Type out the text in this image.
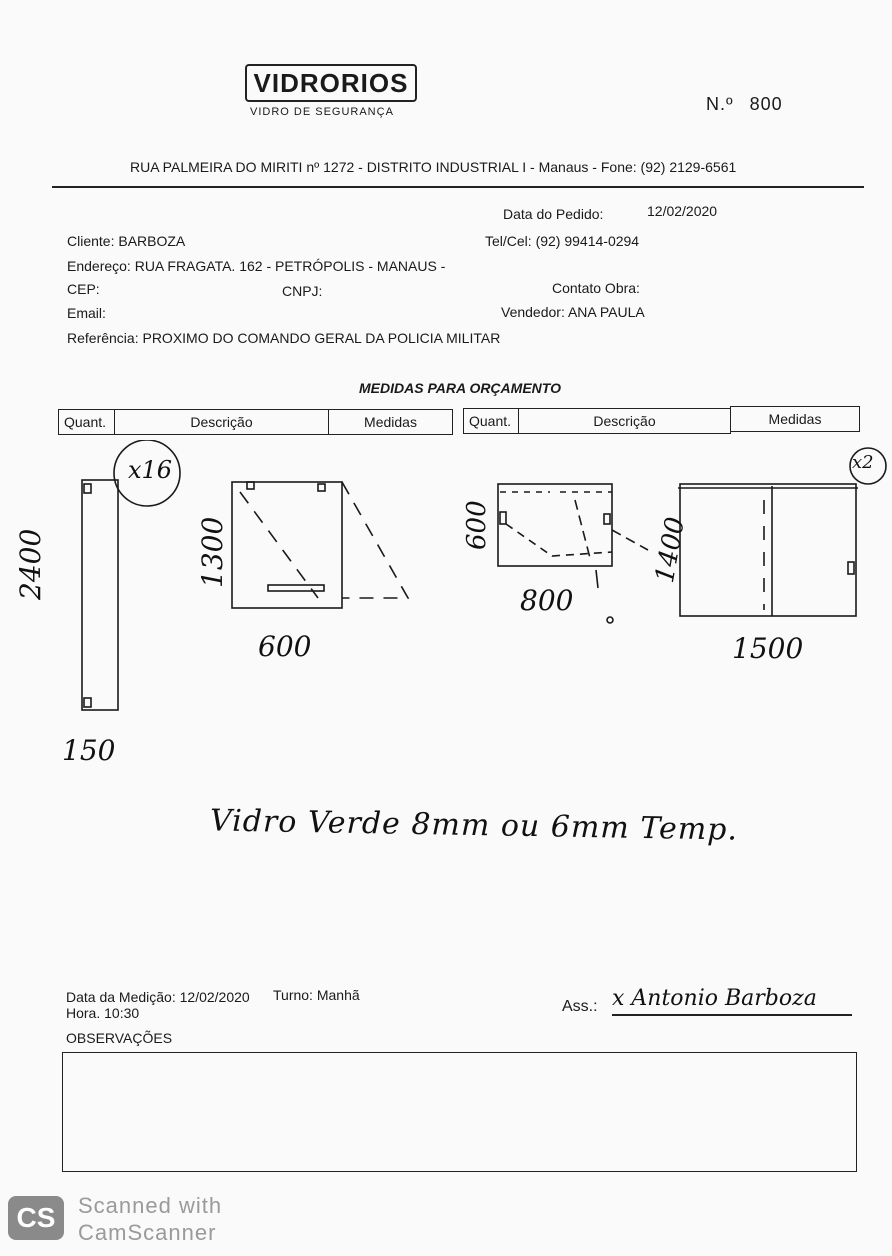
VIDRORIOS
VIDRO DE SEGURANÇA	N.º 800
RUA PALMEIRA DO MIRITI nº 1272 - DISTRITO INDUSTRIAL I - Manaus - Fone: (92) 2129-6561
Data do Pedido:	12/02/2020
Cliente: BARBOZA	Tel/Cel: (92) 99414-0294
Endereço: RUA FRAGATA. 162 - PETRÓPOLIS - MANAUS -
CEP:	CNPJ:	Contato Obra:
Email:	Vendedor: ANA PAULA
Referência: PROXIMO DO COMANDO GERAL DA POLICIA MILITAR
MEDIDAS PARA ORÇAMENTO
Quant.	Descrição	Medidas	Quant.	Descrição	Medidas
x16
2400
150
1300
600
600
800
1400
x2
1500
Vidro Verde 8mm ou 6mm Temp.
Data da Medição: 12/02/2020 Turno: Manhã
Hora. 10:30	Ass.: x Antonio Barboza
OBSERVAÇÕES
CS Scanned with
CamScanner
